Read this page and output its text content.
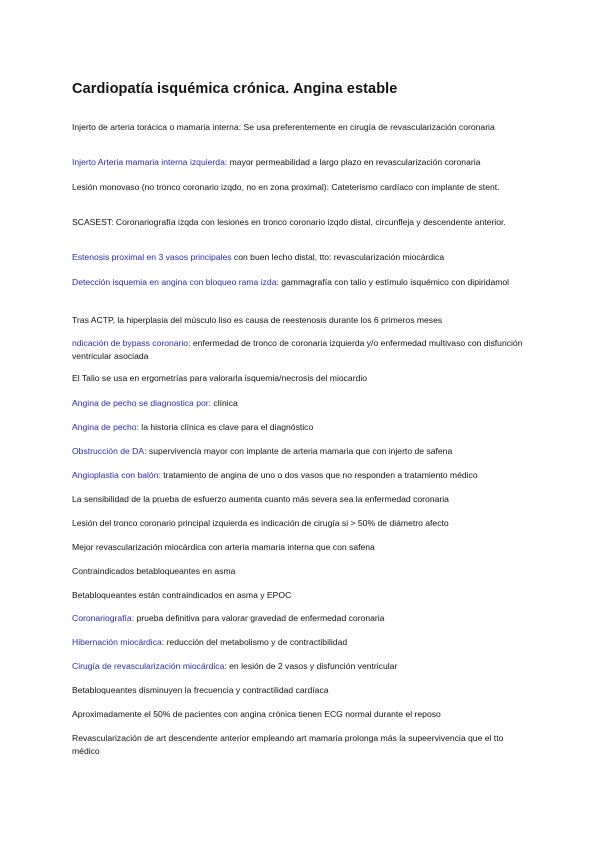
Cardiopatía isquémica crónica. Angina estable

Injerto de arteria torácica o mamaria interna: Se usa preferentemente en cirugía de revascularización coronaria

Injerto Arteria mamaria interna izquierda: mayor permeabilidad a largo plazo en revascularización coronaria

Lesión monovaso (no tronco coronario izqdo, no en zona proximal): Cateterismo cardíaco con implante de stent.

SCASEST: Coronariografía izqda con lesiones en tronco coronario izqdo distal, circunfleja y descendente anterior.

Estenosis proximal en 3 vasos principales con buen lecho distal, tto: revascularización miocárdica

Detección isquemia en angina con bloqueo rama izda: gammagrafía con talio y estímulo isquémico con dipiridamol

Tras ACTP, la hiperplasia del músculo liso es causa de reestenosis durante los 6 primeros meses

ndicación de bypass coronario: enfermedad de tronco de coronaria izquierda y/o enfermedad multivaso con disfunción ventricular asociada

El Talio se usa en ergometrías para valorarla isquemia/necrosis del miocardio

Angina de pecho se diagnostica por: clínica

Angina de pecho: la historia clínica es clave para el diagnóstico

Obstrucción de DA: supervivencia mayor con implante de arteria mamaria que con injerto de safena

Angioplastia con balón: tratamiento de angina de uno o dos vasos que no responden a tratamiento médico

La sensibilidad de la prueba de esfuerzo aumenta cuanto más severa sea la enfermedad coronaria

Lesión del tronco coronario principal izquierda es indicación de cirugía si > 50% de diámetro afecto

Mejor revascularización miocárdica con arteria mamaria interna que con safena

Contraindicados betabloqueantes en asma

Betabloqueantes están contraindicados en asma y EPOC

Coronariografía: prueba definitiva para valorar gravedad de enfermedad coronaria

Hibernación miocárdica: reducción del metabolismo y de contractibilidad

Cirugía de revascularización miocárdica: en lesión de 2 vasos y disfunción ventricular

Betabloqueantes disminuyen la frecuencia y contractilidad cardíaca

Aproximadamente el 50% de pacientes con angina crónica tienen ECG normal durante el reposo

Revascularización de art descendente anterior empleando art mamaria prolonga más la supeervivencia que el tto médico
